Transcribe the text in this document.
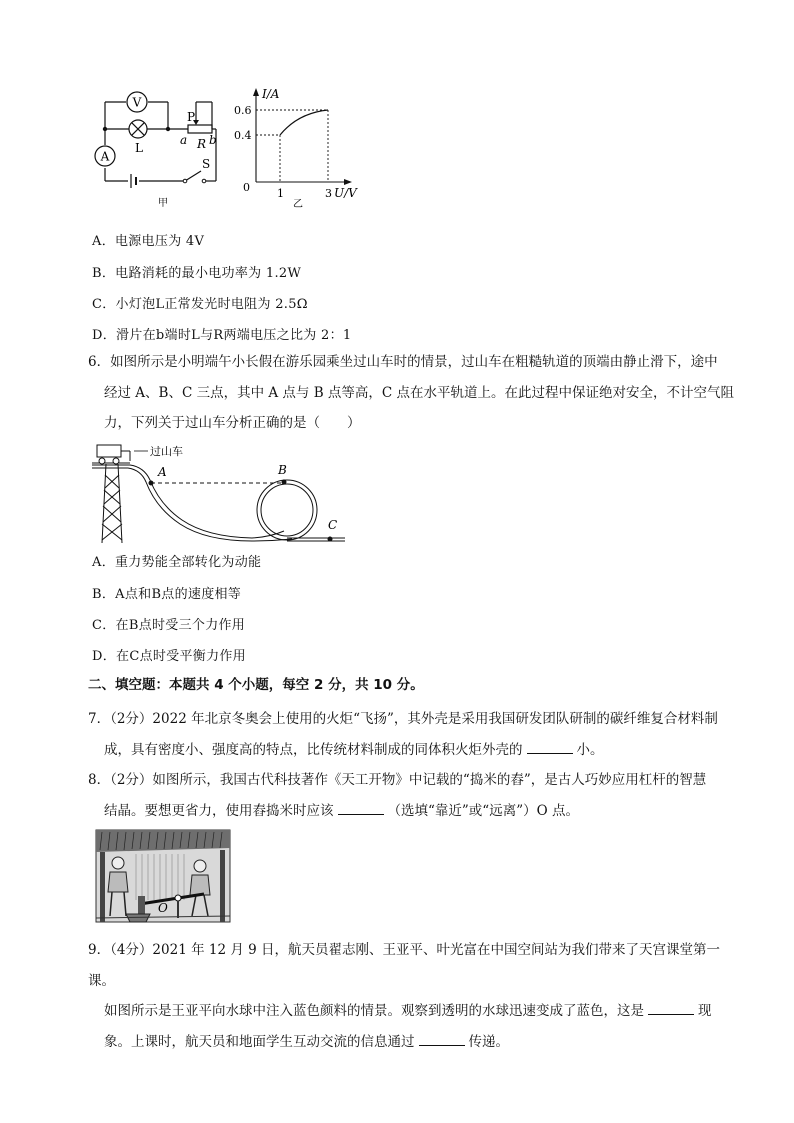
V
L
A
P
a R b
S
甲
I/A
0.6
0.4
0 1	3 U/V
乙
A．电源电压为 4V
B．电路消耗的最小电功率为 1.2W
C．小灯泡L正常发光时电阻为 2.5Ω
D．滑片在b端时L与R两端电压之比为 2：1
6．如图所示是小明端午小长假在游乐园乘坐过山车时的情景，过山车在粗糙轨道的顶端由静止滑下，途中
经过 A、B、C 三点，其中 A 点与 B 点等高，C 点在水平轨道上。在此过程中保证绝对安全，不计空气阻
力，下列关于过山车分析正确的是（　　）
过山车
A	B
C
A．重力势能全部转化为动能
B．A点和B点的速度相等
C．在B点时受三个力作用
D．在C点时受平衡力作用
二、填空题：本题共 4 个小题，每空 2 分，共 10 分。
7．（2分）2022 年北京冬奥会上使用的火炬“飞扬”，其外壳是采用我国研发团队研制的碳纤维复合材料制
成，具有密度小、强度高的特点，比传统材料制成的同体积火炬外壳的	小。
8．（2分）如图所示，我国古代科技著作《天工开物》中记载的“捣米的舂”，是古人巧妙应用杠杆的智慧
结晶。要想更省力，使用舂捣米时应该	（选填“靠近”或“远离”）O 点。
O
9．（4分）2021 年 12 月 9 日，航天员翟志刚、王亚平、叶光富在中国空间站为我们带来了天宫课堂第一课。
如图所示是王亚平向水球中注入蓝色颜料的情景。观察到透明的水球迅速变成了蓝色，这是	现
象。上课时，航天员和地面学生互动交流的信息通过	传递。
